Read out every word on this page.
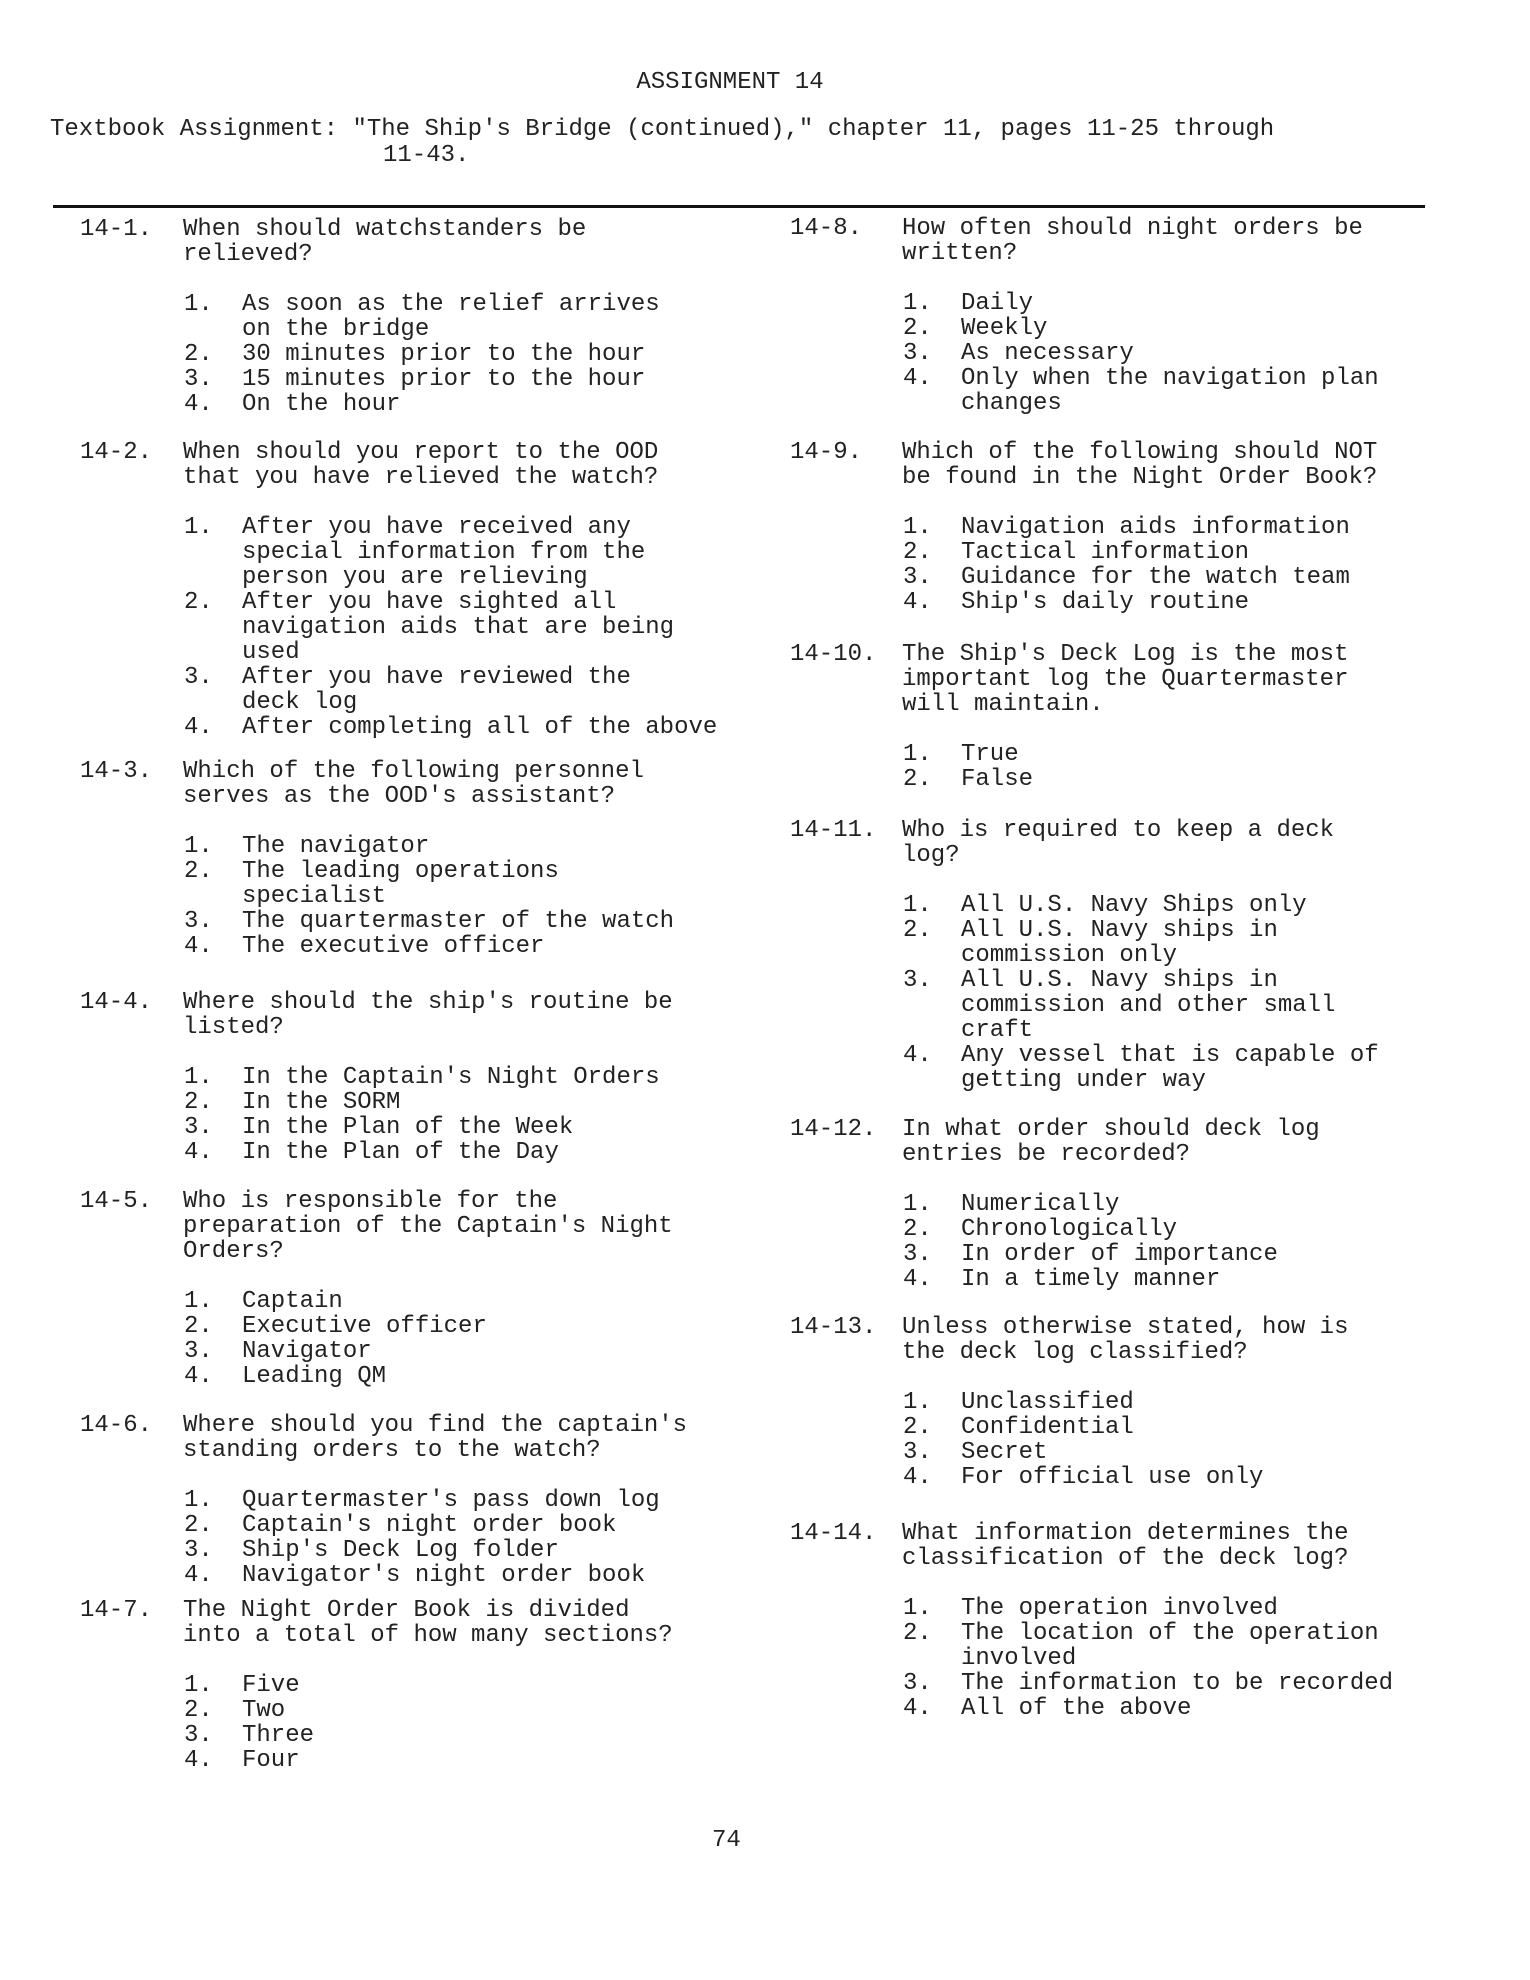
ASSIGNMENT 14
Textbook Assignment: "The Ship's Bridge (continued)," chapter 11, pages 11-25 through
11-43.
14-1. When should watchstanders be
relieved?
1. As soon as the relief arrives
on the bridge
2. 30 minutes prior to the hour
3. 15 minutes prior to the hour
4. On the hour
14-2. When should you report to the OOD
that you have relieved the watch?
1. After you have received any
special information from the
person you are relieving
2. After you have sighted all
navigation aids that are being
used
3. After you have reviewed the
deck log
4. After completing all of the above
14-3. Which of the following personnel
serves as the OOD's assistant?
1. The navigator
2. The leading operations
specialist
3. The quartermaster of the watch
4. The executive officer
14-4. Where should the ship's routine be
listed?
1. In the Captain's Night Orders
2. In the SORM
3. In the Plan of the Week
4. In the Plan of the Day
14-5. Who is responsible for the
preparation of the Captain's Night
Orders?
1. Captain
2. Executive officer
3. Navigator
4. Leading QM
14-6. Where should you find the captain's
standing orders to the watch?
1. Quartermaster's pass down log
2. Captain's night order book
3. Ship's Deck Log folder
4. Navigator's night order book
14-7. The Night Order Book is divided
into a total of how many sections?
1. Five
2. Two
3. Three
4. Four
14-8. How often should night orders be
written?
1. Daily
2. Weekly
3. As necessary
4. Only when the navigation plan
changes
14-9. Which of the following should NOT
be found in the Night Order Book?
1. Navigation aids information
2. Tactical information
3. Guidance for the watch team
4. Ship's daily routine
14-10. The Ship's Deck Log is the most
important log the Quartermaster
will maintain.
1. True
2. False
14-11. Who is required to keep a deck
log?
1. All U.S. Navy Ships only
2. All U.S. Navy ships in
commission only
3. All U.S. Navy ships in
commission and other small
craft
4. Any vessel that is capable of
getting under way
14-12. In what order should deck log
entries be recorded?
1. Numerically
2. Chronologically
3. In order of importance
4. In a timely manner
14-13. Unless otherwise stated, how is
the deck log classified?
1. Unclassified
2. Confidential
3. Secret
4. For official use only
14-14. What information determines the
classification of the deck log?
1. The operation involved
2. The location of the operation
involved
3. The information to be recorded
4. All of the above
74
